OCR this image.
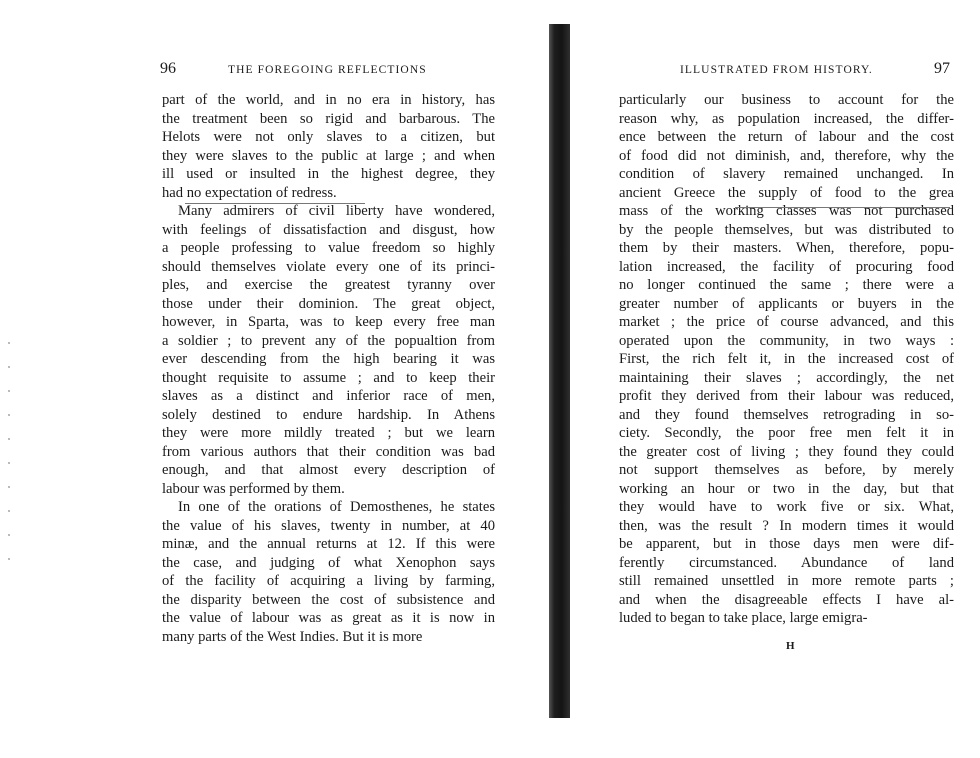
96	THE FOREGOING REFLECTIONS
part of the world, and in no era in history, has
the treatment been so rigid and barbarous. The
Helots were not only slaves to a citizen, but
they were slaves to the public at large ; and when
ill used or insulted in the highest degree, they
had no expectation of redress.
Many admirers of civil liberty have wondered,
with feelings of dissatisfaction and disgust, how
a people professing to value freedom so highly
should themselves violate every one of its princi-
ples, and exercise the greatest tyranny over
those under their dominion. The great object,
however, in Sparta, was to keep every free man
a soldier ; to prevent any of the popualtion from
ever descending from the high bearing it was
thought requisite to assume ; and to keep their
slaves as a distinct and inferior race of men,
solely destined to endure hardship. In Athens
they were more mildly treated ; but we learn
from various authors that their condition was bad
enough, and that almost every description of
labour was performed by them.
In one of the orations of Demosthenes, he states
the value of his slaves, twenty in number, at 40
minæ, and the annual returns at 12. If this were
the case, and judging of what Xenophon says
of the facility of acquiring a living by farming,
the disparity between the cost of subsistence and
the value of labour was as great as it is now in
many parts of the West Indies. But it is more
ILLUSTRATED FROM HISTORY.	97
particularly our business to account for the
reason why, as population increased, the differ-
ence between the return of labour and the cost
of food did not diminish, and, therefore, why the
condition of slavery remained unchanged. In
ancient Greece the supply of food to the grea
mass of the working classes was not purchased
by the people themselves, but was distributed to
them by their masters. When, therefore, popu-
lation increased, the facility of procuring food
no longer continued the same ; there were a
greater number of applicants or buyers in the
market ; the price of course advanced, and this
operated upon the community, in two ways :
First, the rich felt it, in the increased cost of
maintaining their slaves ; accordingly, the net
profit they derived from their labour was reduced,
and they found themselves retrograding in so-
ciety. Secondly, the poor free men felt it in
the greater cost of living ; they found they could
not support themselves as before, by merely
working an hour or two in the day, but that
they would have to work five or six. What,
then, was the result ? In modern times it would
be apparent, but in those days men were dif-
ferently circumstanced. Abundance of land
still remained unsettled in more remote parts ;
and when the disagreeable effects I have al-
luded to began to take place, large emigra-
H
